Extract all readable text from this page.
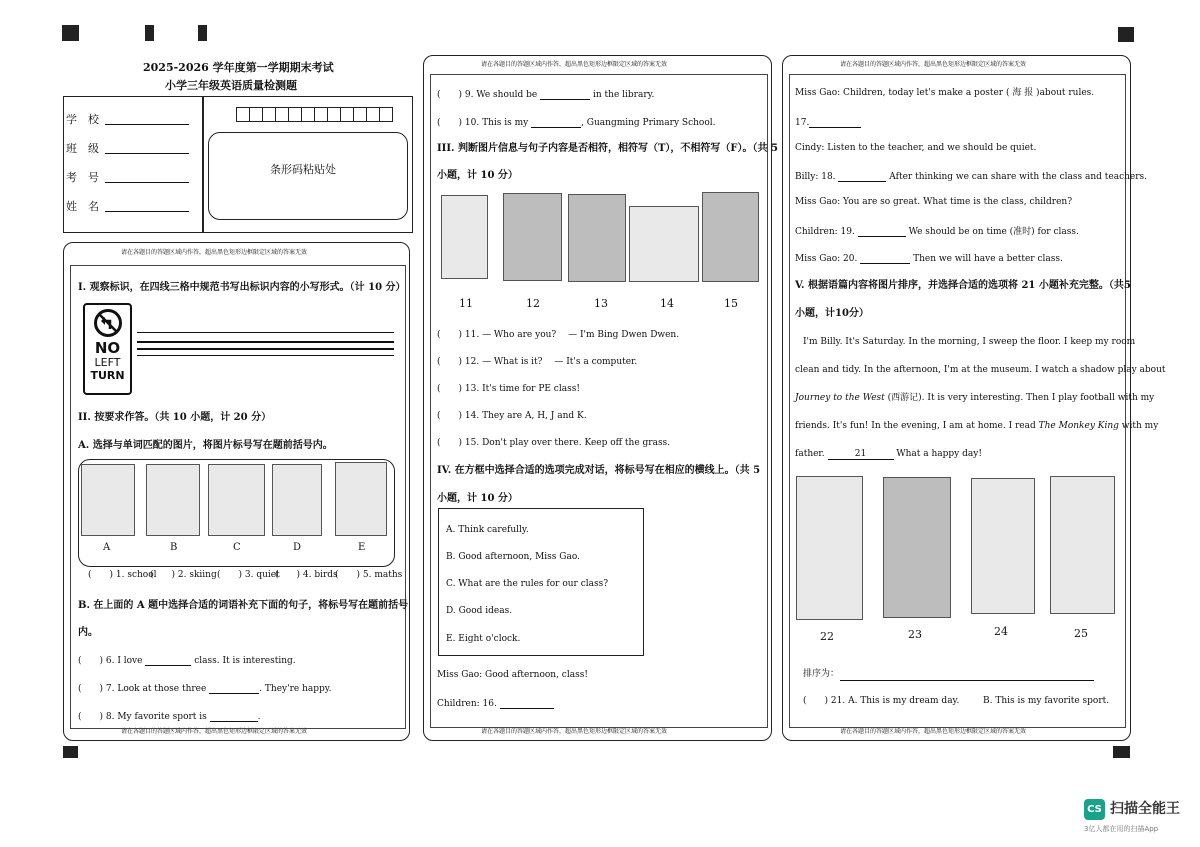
2025-2026 学年度第一学期期末考试
小学三年级英语质量检测题
学　校
班　级
考　号
姓　名
条形码粘贴处
请在各题目的答题区域内作答，超出黑色矩形边框限定区域的答案无效
请在各题目的答题区域内作答，超出黑色矩形边框限定区域的答案无效
I. 观察标识，在四线三格中规范书写出标识内容的小写形式。（计 10 分）
NO
LEFT
TURN
II. 按要求作答。（共 10 小题，计 20 分）
A. 选择与单词匹配的图片，将图片标号写在题前括号内。
A	B	C	D	E
(　　) 1. school
(　　) 2. skiing (　　) 3. quiet
(　　) 4. birds
(　　) 5. maths
B. 在上面的 A 题中选择合适的词语补充下面的句子，将标号写在题前括号
内。
(　　) 6. I love	class. It is interesting.
(　　) 7. Look at those three	. They're happy.
(　　) 8. My favorite sport is	.
请在各题目的答题区域内作答，超出黑色矩形边框限定区域的答案无效
请在各题目的答题区域内作答，超出黑色矩形边框限定区域的答案无效
(　　) 9. We should be	in the library.
(　　) 10. This is my	, Guangming Primary School.
III. 判断图片信息与句子内容是否相符，相符写（T），不相符写（F）。（共 5
小题，计 10 分）
11	12	13	14	15
(　　) 11. — Who are you?　 — I'm Bing Dwen Dwen.
(　　) 12. — What is it?　 — It's a computer.
(　　) 13. It's time for PE class!
(　　) 14. They are A, H, J and K.
(　　) 15. Don't play over there. Keep off the grass.
IV. 在方框中选择合适的选项完成对话，将标号写在相应的横线上。（共 5
小题，计 10 分）
A. Think carefully.
B. Good afternoon, Miss Gao.
C. What are the rules for our class?
D. Good ideas.
E. Eight o'clock.
Miss Gao: Good afternoon, class!
Children: 16.
请在各题目的答题区域内作答，超出黑色矩形边框限定区域的答案无效
请在各题目的答题区域内作答，超出黑色矩形边框限定区域的答案无效
Miss Gao: Children, today let's make a poster ( 海 报 )about rules.
17.
Cindy: Listen to the teacher, and we should be quiet.
Billy: 18.	After thinking we can share with the class and teachers.
Miss Gao: You are so great. What time is the class, children?
Children: 19.	We should be on time (准时) for class.
Miss Gao: 20.	Then we will have a better class.
V. 根据语篇内容将图片排序，并选择合适的选项将 21 小题补充完整。（共5
小题，计10分）
I'm Billy. It's Saturday. In the morning, I sweep the floor. I keep my room
clean and tidy. In the afternoon, I'm at the museum. I watch a shadow play about
Journey to the West (西游记). It is very interesting. Then I play football with my
friends. It's fun! In the evening, I am at home. I read The Monkey King with my
father.	21	What a happy day!
22	23	24	25
排序为：
(　　) 21. A. This is my dream day.	B. This is my favorite sport.
CS 扫描全能王
3亿人都在用的扫描App
